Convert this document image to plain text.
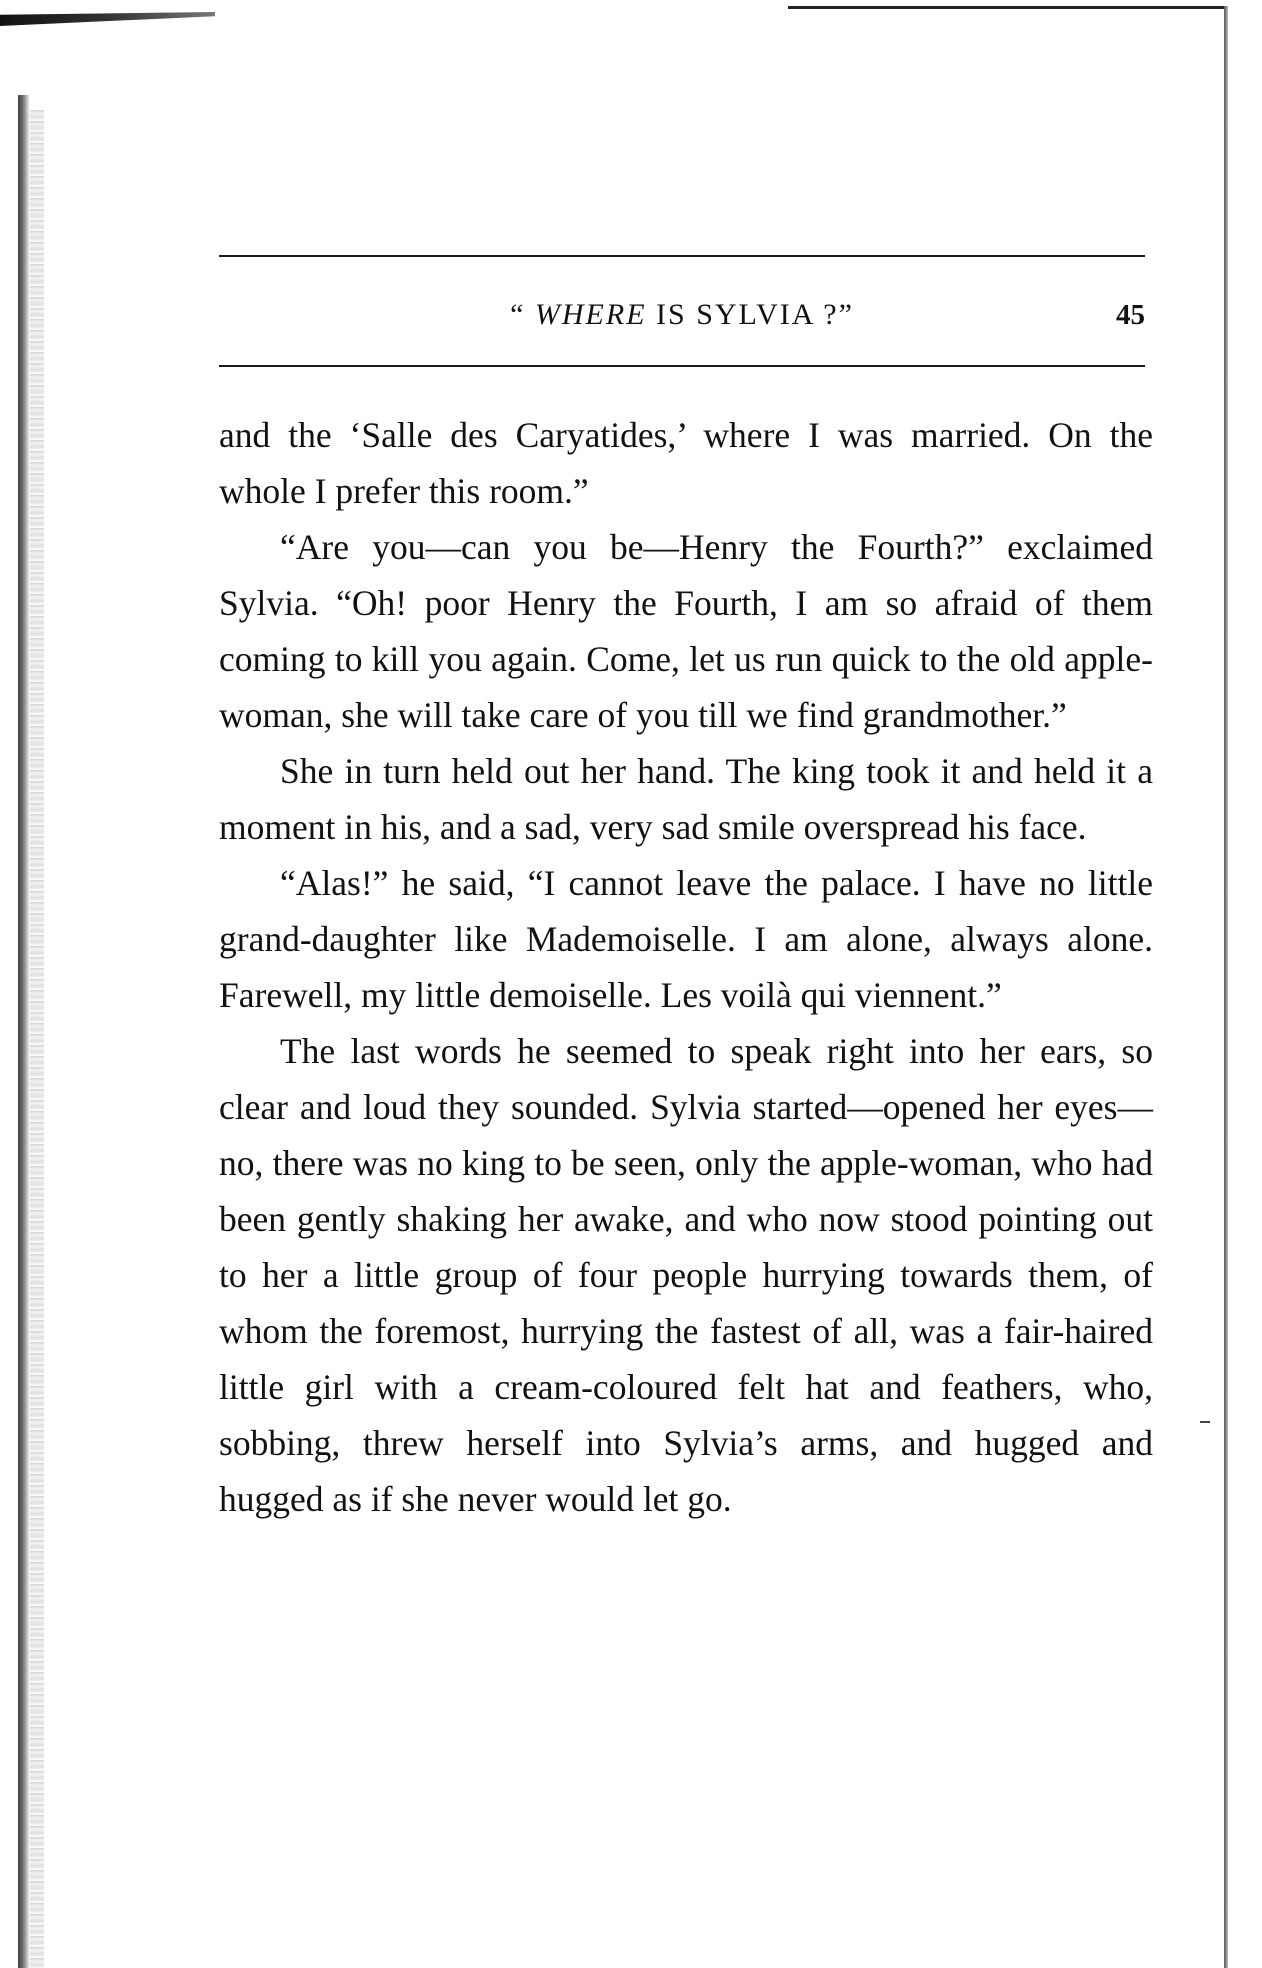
“ WHERE IS SYLVIA ?”	45

and the ‘Salle des Caryatides,’ where I was married. On the whole I prefer this room.”

“Are you—can you be—Henry the Fourth?” exclaimed Sylvia. “Oh! poor Henry the Fourth, I am so afraid of them coming to kill you again. Come, let us run quick to the old apple-woman, she will take care of you till we find grandmother.”

She in turn held out her hand. The king took it and held it a moment in his, and a sad, very sad smile overspread his face.

“Alas!” he said, “I cannot leave the palace. I have no little grand-daughter like Mademoiselle. I am alone, always alone. Farewell, my little demoiselle. Les voilà qui viennent.”

The last words he seemed to speak right into her ears, so clear and loud they sounded. Sylvia started—opened her eyes—no, there was no king to be seen, only the apple-woman, who had been gently shaking her awake, and who now stood pointing out to her a little group of four people hurrying towards them, of whom the foremost, hurrying the fastest of all, was a fair-haired little girl with a cream-coloured felt hat and feathers, who, sobbing, threw herself into Sylvia’s arms, and hugged and hugged as if she never would let go.
